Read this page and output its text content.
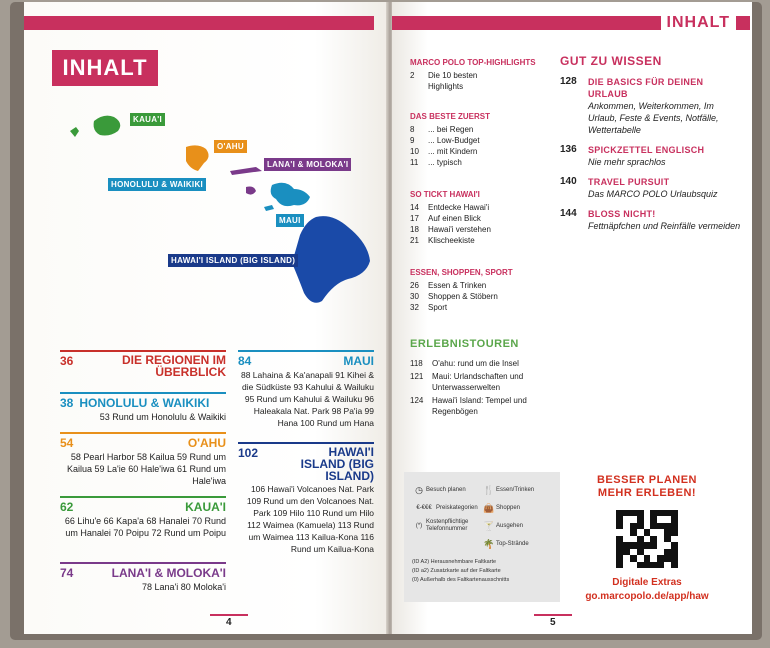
INHALT
KAUA'I
O'AHU
LANA'I & MOLOKA'I
HONOLULU & WAIKIKI
MAUI
HAWAI'I ISLAND (BIG ISLAND)
36	DIE REGIONEN IM ÜBERBLICK
38 HONOLULU & WAIKIKI
53 Rund um Honolulu & Waikiki
54	O'AHU
58 Pearl Harbor 58 Kailua 59 Rund um Kailua 59 La'ie 60 Hale'iwa 61 Rund um Hale'iwa
62	KAUA'I
66 Lihu'e 66 Kapa'a 68 Hanalei 70 Rund um Hanalei 70 Poipu 72 Rund um Poipu
74	LANA'I & MOLOKA'I
78 Lana'i 80 Moloka'i
84	MAUI
88 Lahaina & Ka'anapali 91 Kihei & die Südküste 93 Kahului & Wailuku 95 Rund um Kahului & Wailuku 96 Haleakala Nat. Park 98 Pa'ia 99 Hana 100 Rund um Hana
102	HAWAI'I ISLAND (BIG ISLAND)
106 Hawai'i Volcanoes Nat. Park 109 Rund um den Volcanoes Nat. Park 109 Hilo 110 Rund um Hilo 112 Waimea (Kamuela) 113 Rund um Waimea 113 Kailua-Kona 116 Rund um Kailua-Kona
4
INHALT
MARCO POLO TOP-HIGHLIGHTS
2	Die 10 besten
Highlights
DAS BESTE ZUERST
8	... bei Regen
9	... Low-Budget
10	... mit Kindern
11	... typisch
SO TICKT HAWAI'I
14	Entdecke Hawai'i
17	Auf einen Blick
18	Hawai'i verstehen
21	Klischeekiste
ESSEN, SHOPPEN, SPORT
26	Essen & Trinken
30	Shoppen & Stöbern
32	Sport
ERLEBNISTOUREN
118	O'ahu: rund um die Insel
121	Maui: Urlandschaften und Unterwasserwelten
124	Hawai'i Island: Tempel und Regenbögen
GUT ZU WISSEN
128	DIE BASICS FÜR DEINEN URLAUB
Ankommen, Weiterkommen, Im Urlaub, Feste & Events, Notfälle, Wettertabelle
136	SPICKZETTEL ENGLISCH
Nie mehr sprachlos
140	TRAVEL PURSUIT
Das MARCO POLO Urlaubsquiz
144	BLOSS NICHT!
Fettnäpfchen und Reinfälle vermeiden
◷ Besuch planen 🍴 Essen/Trinken
€-€€€ Preiskategorien 👜 Shoppen
(*)
Kostenpflichtige Telefonnummer	🍸 Ausgehen
🌴 Top-Strände
(ID A2) Herausnehmbare Faltkarte
(ID a2) Zusatzkarte auf der Faltkarte
(0) Außerhalb des Faltkartenausschnitts
BESSER PLANEN
MEHR ERLEBEN!
Digitale Extras
go.marcopolo.de/app/haw
5
